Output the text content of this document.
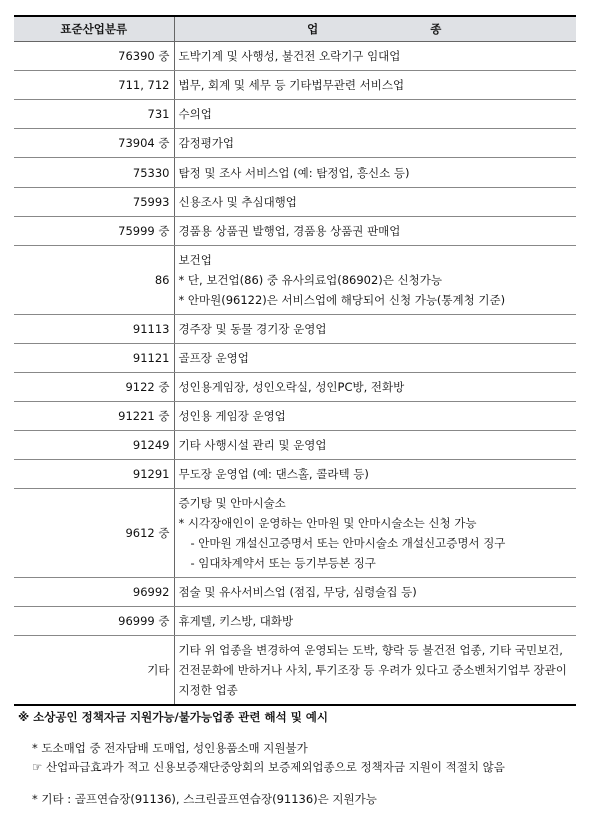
표준산업분류	업 종
76390 중	도박기계 및 사행성, 불건전 오락기구 임대업

711, 712	법무, 회계 및 세무 등 기타법무관련 서비스업

731	수의업

73904 중	감정평가업

75330	탐정 및 조사 서비스업 (예: 탐정업, 흥신소 등)

75993	신용조사 및 추심대행업

75999 중	경품용 상품권 발행업, 경품용 상품권 판매업

86	보건업
* 단, 보건업(86) 중 유사의료업(86902)은 신청가능
* 안마원(96122)은 서비스업에 해당되어 신청 가능(통계청 기준)

91113	경주장 및 동물 경기장 운영업

91121	골프장 운영업

9122 중	성인용게임장, 성인오락실, 성인PC방, 전화방

91221 중	성인용 게임장 운영업

91249	기타 사행시설 관리 및 운영업

91291	무도장 운영업 (예: 댄스홀, 콜라텍 등)

9612 중	증기탕 및 안마시술소
* 시각장애인이 운영하는 안마원 및 안마시술소는 신청 가능
- 안마원 개설신고증명서 또는 안마시술소 개설신고증명서 징구
- 임대차계약서 또는 등기부등본 징구

96992	점술 및 유사서비스업 (점집, 무당, 심령술집 등)

96999 중	휴게텔, 키스방, 대화방

기타	기타 위 업종을 변경하여 운영되는 도박, 향락 등 불건전 업종, 기타 국민보건, 건전문화에 반하거나 사치, 투기조장 등 우려가 있다고 중소벤처기업부 장관이 지정한 업종
※ 소상공인 정책자금 지원가능/불가능업종 관련 해석 및 예시
* 도소매업 중 전자담배 도매업, 성인용품소매 지원불가
☞ 산업파급효과가 적고 신용보증재단중앙회의 보증제외업종으로 정책자금 지원이 적절치 않음
* 기타 : 골프연습장(91136), 스크린골프연습장(91136)은 지원가능
